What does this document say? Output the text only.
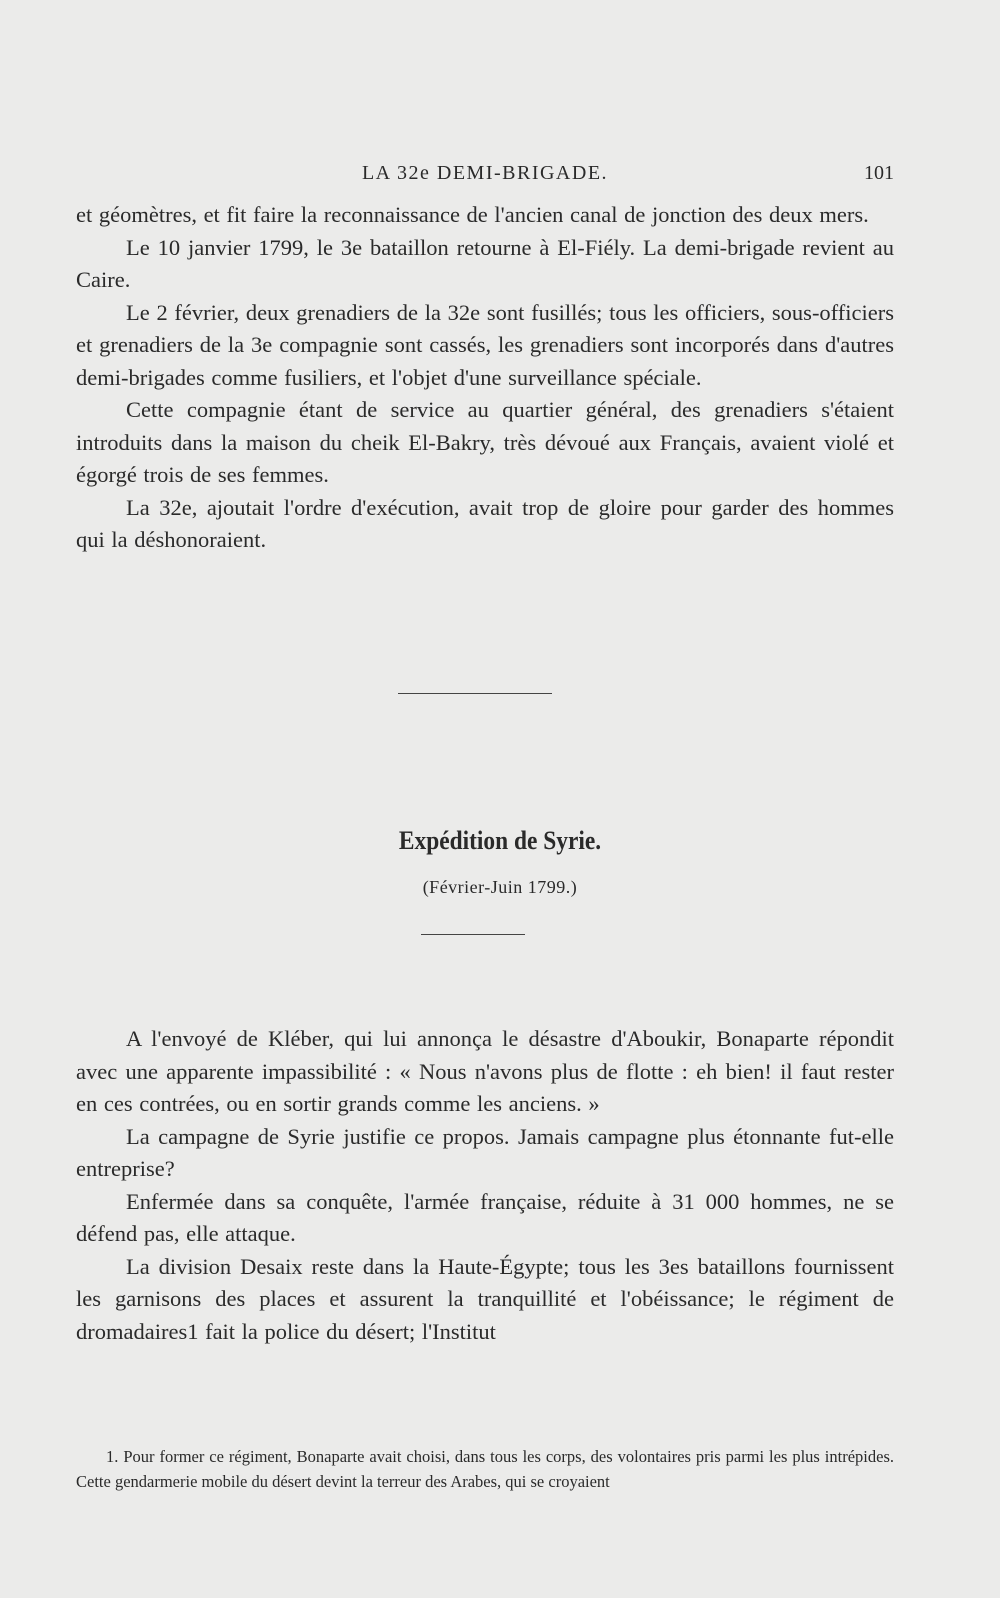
LA 32e DEMI-BRIGADE.	101

et géomètres, et fit faire la reconnaissance de l'ancien canal de jonction des deux mers.

Le 10 janvier 1799, le 3e bataillon retourne à El-Fiély. La demi-brigade revient au Caire.

Le 2 février, deux grenadiers de la 32e sont fusillés; tous les officiers, sous-officiers et grenadiers de la 3e compagnie sont cassés, les grenadiers sont incorporés dans d'autres demi-brigades comme fusiliers, et l'objet d'une surveillance spéciale.

Cette compagnie étant de service au quartier général, des grenadiers s'étaient introduits dans la maison du cheik El-Bakry, très dévoué aux Français, avaient violé et égorgé trois de ses femmes.

La 32e, ajoutait l'ordre d'exécution, avait trop de gloire pour garder des hommes qui la déshonoraient.

Expédition de Syrie.
(Février-Juin 1799.)

A l'envoyé de Kléber, qui lui annonça le désastre d'Aboukir, Bonaparte répondit avec une apparente impassibilité : « Nous n'avons plus de flotte : eh bien! il faut rester en ces contrées, ou en sortir grands comme les anciens. »

La campagne de Syrie justifie ce propos. Jamais campagne plus étonnante fut-elle entreprise?

Enfermée dans sa conquête, l'armée française, réduite à 31 000 hommes, ne se défend pas, elle attaque.

La division Desaix reste dans la Haute-Égypte; tous les 3es bataillons fournissent les garnisons des places et assurent la tranquillité et l'obéissance; le régiment de dromadaires1 fait la police du désert; l'Institut

1. Pour former ce régiment, Bonaparte avait choisi, dans tous les corps, des volontaires pris parmi les plus intrépides. Cette gendarmerie mobile du désert devint la terreur des Arabes, qui se croyaient
